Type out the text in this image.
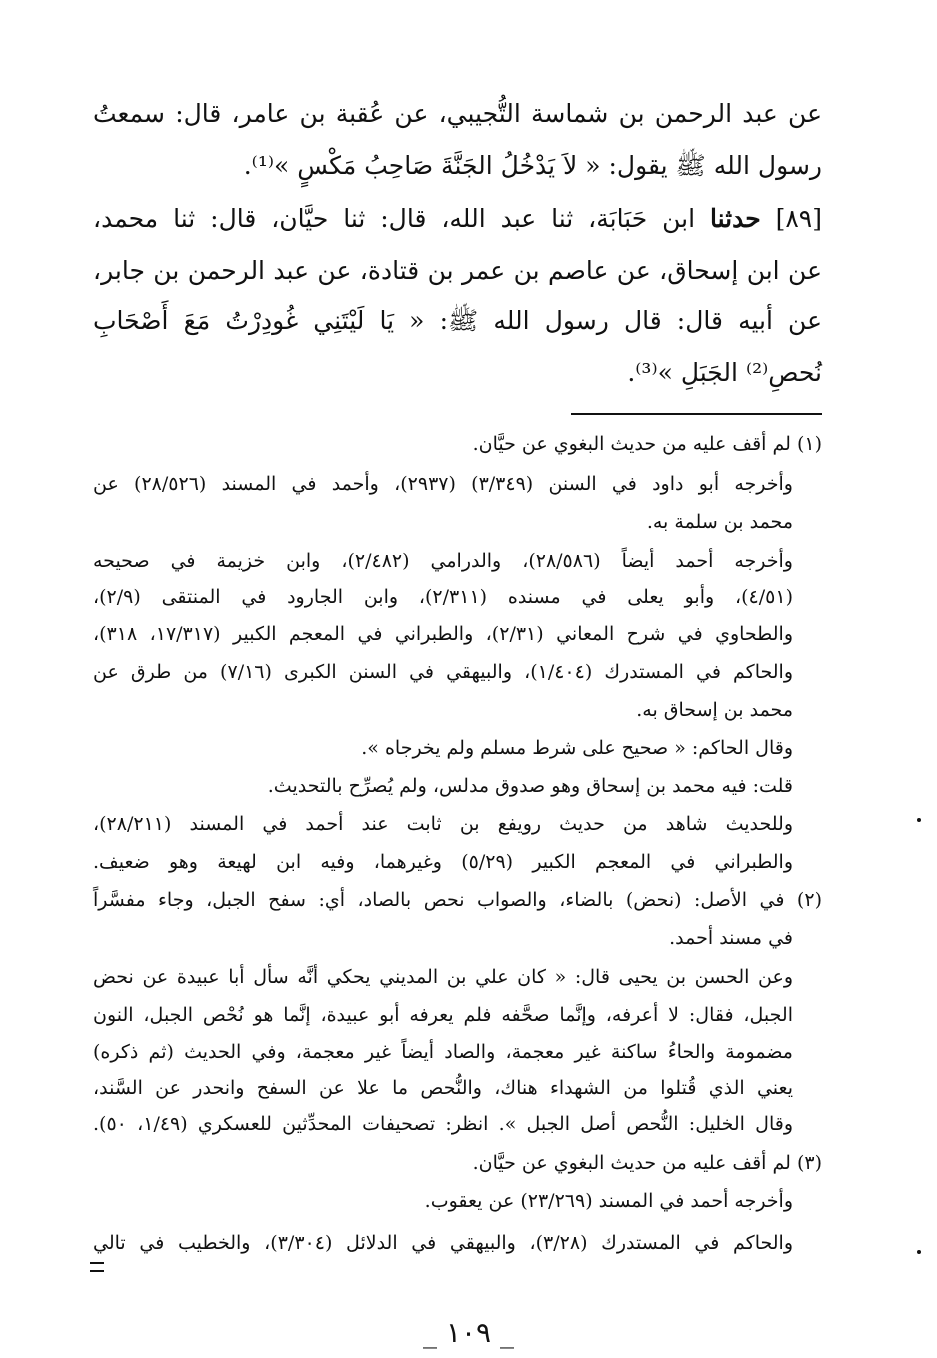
عن عبد الرحمن بن شماسة التُّجيبي، عن عُقبة بن عامر، قال: سمعتُ
رسول الله ﷺ يقول: « لاَ يَدْخُلُ الجَنَّةَ صَاحِبُ مَكْسٍ »⁽¹⁾.
[٨٩] حدثنا ابن حَبَابَة، ثنا عبد الله، قال: ثنا حيَّان، قال: ثنا محمد،
عن ابن إسحاق، عن عاصم بن عمر بن قتادة، عن عبد الرحمن بن جابر،
عن أبيه قال: قال رسول الله ﷺ: « يَا لَيْتَنِي غُودِرْتُ مَعَ أَصْحَابِ
نُحصِ⁽²⁾ الجَبَلِ »⁽³⁾.
(١) لم أقف عليه من حديث البغوي عن حيَّان.
وأخرجه أبو داود في السنن (٣/٣٤٩) (٢٩٣٧)، وأحمد في المسند (٢٨/٥٢٦) عن
محمد بن سلمة به.
وأخرجه أحمد أيضاً (٢٨/٥٨٦)، والدرامي (٢/٤٨٢)، وابن خزيمة في صحيحه
(٤/٥١)، وأبو يعلى في مسنده (٢/٣١١)، وابن الجارود في المنتقى (٢/٩)،
والطحاوي في شرح المعاني (٢/٣١)، والطبراني في المعجم الكبير (١٧/٣١٧، ٣١٨)،
والحاكم في المستدرك (١/٤٠٤)، والبيهقي في السنن الكبرى (٧/١٦) من طرق عن
محمد بن إسحاق به.
وقال الحاكم: « صحيح على شرط مسلم ولم يخرجاه ».
قلت: فيه محمد بن إسحاق وهو صدوق مدلس، ولم يُصرِّح بالتحديث.
وللحديث شاهد من حديث رويفع بن ثابت عند أحمد في المسند (٢٨/٢١١)،
والطبراني في المعجم الكبير (٥/٢٩) وغيرهما، وفيه ابن لهيعة وهو ضعيف.
(٢) في الأصل: (نحض) بالضاء، والصواب نحص بالصاد، أي: سفح الجبل، وجاء مفسَّراً
في مسند أحمد.
وعن الحسن بن يحيى قال: « كان علي بن المديني يحكي أنَّه سأل أبا عبيدة عن نحض
الجبل، فقال: لا أعرفه، وإنَّما صحَّفه فلم يعرفه أبو عبيدة، إنَّما هو نُحْص الجبل، النون
مضمومة والحاءُ ساكنة غير معجمة، والصاد أيضاً غير معجمة، وفي الحديث (ثم ذكره)
يعني الذي قُتلوا من الشهداء هناك، والنُّحص ما علا عن السفح وانحدر عن السَّند،
وقال الخليل: النُّحص أصل الجبل ». انظر: تصحيفات المحدِّثين للعسكري (١/٤٩، ٥٠).
(٣) لم أقف عليه من حديث البغوي عن حيَّان.
وأخرجه أحمد في المسند (٢٣/٢٦٩) عن يعقوب.
والحاكم في المستدرك (٣/٢٨)، والبيهقي في الدلائل (٣/٣٠٤)، والخطيب في تالي
_ ١٠٩ _
